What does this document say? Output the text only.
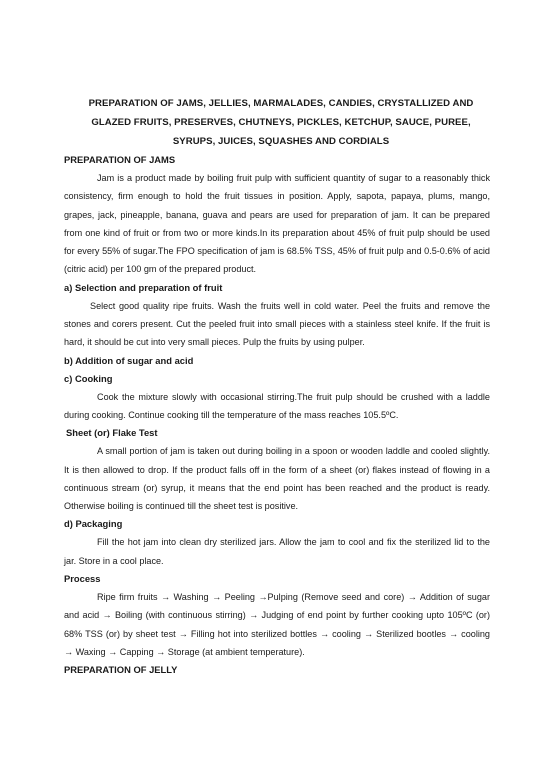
PREPARATION OF JAMS, JELLIES, MARMALADES, CANDIES, CRYSTALLIZED AND GLAZED FRUITS, PRESERVES, CHUTNEYS, PICKLES, KETCHUP, SAUCE, PUREE, SYRUPS, JUICES, SQUASHES AND CORDIALS
PREPARATION OF JAMS

Jam is a product made by boiling fruit pulp with sufficient quantity of sugar to a reasonably thick consistency, firm enough to hold the fruit tissues in position. Apply, sapota, papaya, plums, mango, grapes, jack, pineapple, banana, guava and pears are used for preparation of jam. It can be prepared from one kind of fruit or from two or more kinds.In its preparation about 45% of fruit pulp should be used for every 55% of sugar.The FPO specification of jam is 68.5% TSS, 45% of fruit pulp and 0.5-0.6% of acid (citric acid) per 100 gm of the prepared product.

a) Selection and preparation of fruit

Select good quality ripe fruits. Wash the fruits well in cold water. Peel the fruits and remove the stones and corers present. Cut the peeled fruit into small pieces with a stainless steel knife. If the fruit is hard, it should be cut into very small pieces. Pulp the fruits by using pulper.

b) Addition of sugar and acid
c) Cooking

Cook the mixture slowly with occasional stirring.The fruit pulp should be crushed with a laddle during cooking. Continue cooking till the temperature of the mass reaches 105.5ºC.

Sheet (or) Flake Test

A small portion of jam is taken out during boiling in a spoon or wooden laddle and cooled slightly. It is then allowed to drop. If the product falls off in the form of a sheet (or) flakes instead of flowing in a continuous stream (or) syrup, it means that the end point has been reached and the product is ready. Otherwise boiling is continued till the sheet test is positive.

d) Packaging

Fill the hot jam into clean dry sterilized jars. Allow the jam to cool and fix the sterilized lid to the jar. Store in a cool place.

Process

Ripe firm fruits → Washing → Peeling →Pulping (Remove seed and core) → Addition of sugar and acid → Boiling (with continuous stirring) → Judging of end point by further cooking upto 105ºC (or) 68% TSS (or) by sheet test → Filling hot into sterilized bottles → cooling → Sterilized bootles → cooling → Waxing → Capping → Storage (at ambient temperature).

PREPARATION OF JELLY
